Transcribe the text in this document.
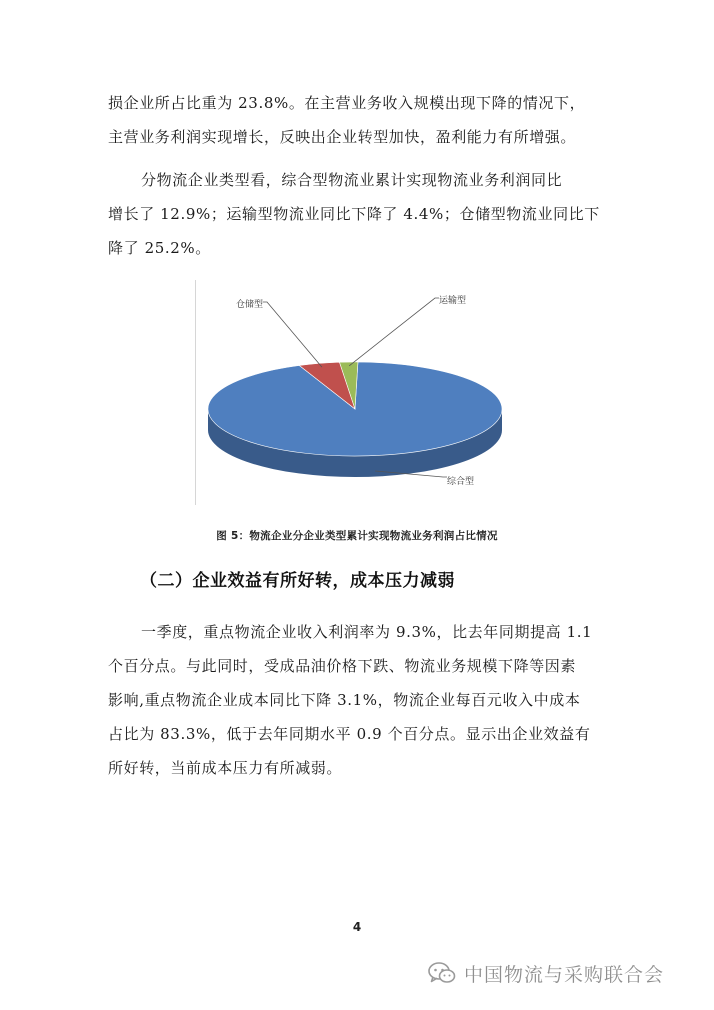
损企业所占比重为 23.8%。在主营业务收入规模出现下降的情况下，
主营业务利润实现增长，反映出企业转型加快，盈利能力有所增强。

分物流企业类型看，综合型物流业累计实现物流业务利润同比
增长了 12.9%；运输型物流业同比下降了 4.4%；仓储型物流业同比下
降了 25.2%。

综合型
仓储型	运输型
图 5：物流企业分企业类型累计实现物流业务利润占比情况
（二）企业效益有所好转，成本压力减弱

一季度，重点物流企业收入利润率为 9.3%，比去年同期提高 1.1
个百分点。与此同时，受成品油价格下跌、物流业务规模下降等因素
影响,重点物流企业成本同比下降 3.1%，物流企业每百元收入中成本
占比为 83.3%，低于去年同期水平 0.9 个百分点。显示出企业效益有
所好转，当前成本压力有所减弱。

4
中国物流与采购联合会
